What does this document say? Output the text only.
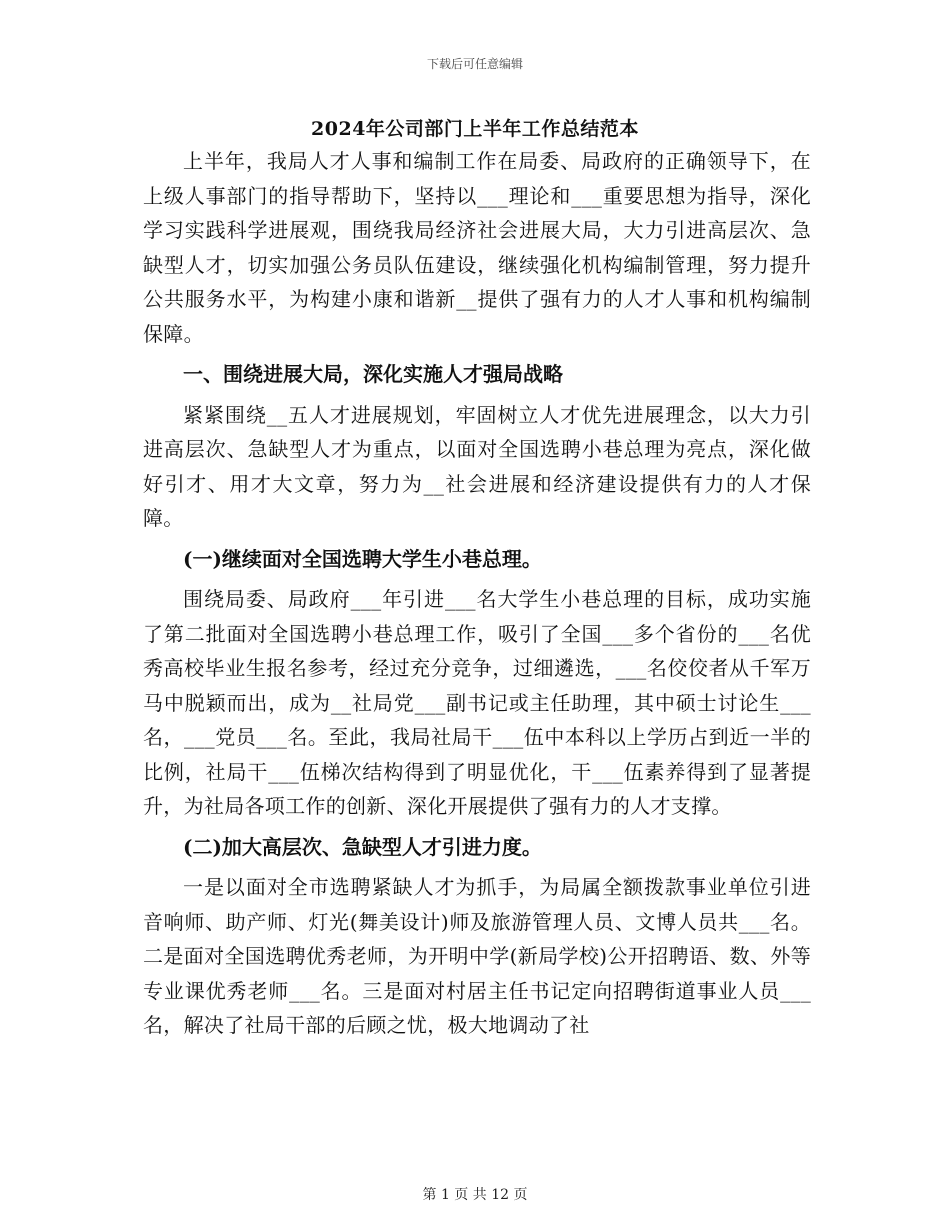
下载后可任意编辑
2024年公司部门上半年工作总结范本

上半年，我局人才人事和编制工作在局委、局政府的正确领导下，在上级人事部门的指导帮助下，坚持以___理论和___重要思想为指导，深化学习实践科学进展观，围绕我局经济社会进展大局，大力引进高层次、急缺型人才，切实加强公务员队伍建设，继续强化机构编制管理，努力提升公共服务水平，为构建小康和谐新__提供了强有力的人才人事和机构编制保障。

一、围绕进展大局，深化实施人才强局战略

紧紧围绕__五人才进展规划，牢固树立人才优先进展理念，以大力引进高层次、急缺型人才为重点，以面对全国选聘小巷总理为亮点，深化做好引才、用才大文章，努力为__社会进展和经济建设提供有力的人才保障。

(一)继续面对全国选聘大学生小巷总理。

围绕局委、局政府___年引进___名大学生小巷总理的目标，成功实施了第二批面对全国选聘小巷总理工作，吸引了全国___多个省份的___名优秀高校毕业生报名参考，经过充分竞争，过细遴选，___名佼佼者从千军万马中脱颖而出，成为__社局党___副书记或主任助理，其中硕士讨论生___名，___党员___名。至此，我局社局干___伍中本科以上学历占到近一半的比例，社局干___伍梯次结构得到了明显优化，干___伍素养得到了显著提升，为社局各项工作的创新、深化开展提供了强有力的人才支撑。

(二)加大高层次、急缺型人才引进力度。

一是以面对全市选聘紧缺人才为抓手，为局属全额拨款事业单位引进音响师、助产师、灯光(舞美设计)师及旅游管理人员、文博人员共___名。二是面对全国选聘优秀老师，为开明中学(新局学校)公开招聘语、数、外等专业课优秀老师___名。三是面对村居主任书记定向招聘街道事业人员___名，解决了社局干部的后顾之忧，极大地调动了社

第 1 页 共 12 页
